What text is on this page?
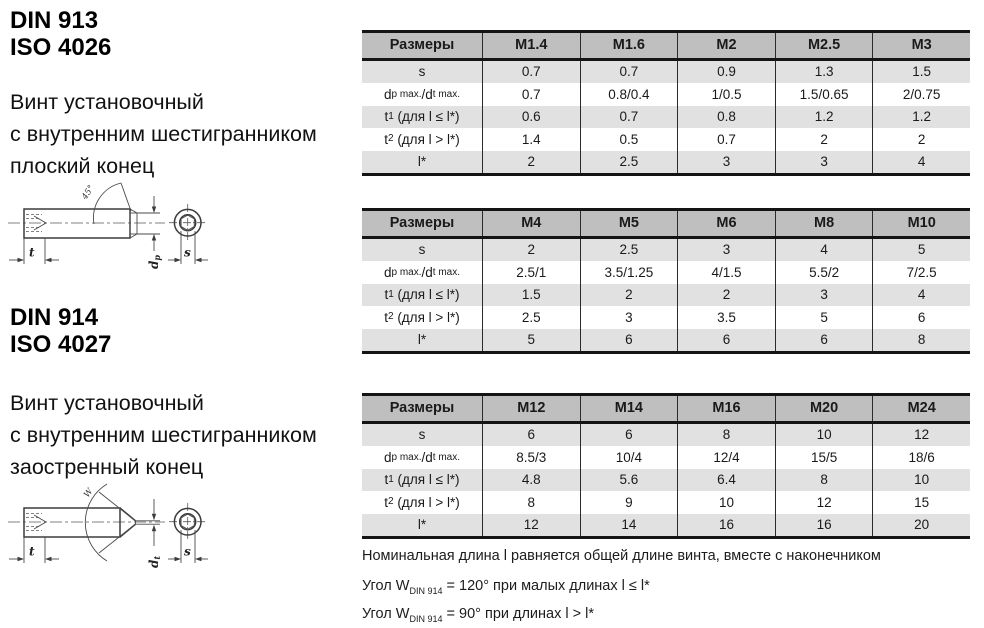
DIN 913
ISO 4026
Винт установочный
с внутренним шестигранником
плоский конец
45°
t
dp s
DIN 914
ISO 4027
Винт установочный
с внутренним шестигранником
заостренный конец
W
t
dt s
Размеры	M1.4	M1.6	M2	M2.5	M3
s	0.7	0.7	0.9	1.3	1.5
d p max. /d t max.	0.7	0.8/0.4	1/0.5	1.5/0.65	2/0.75
t 1 (для l ≤ l*)	0.6	0.7	0.8	1.2	1.2
t 2 (для l > l*)	1.4	0.5	0.7	2	2
l*	2	2.5	3	3	4
Размеры	M4	M5	M6	M8	M10
s	2	2.5	3	4	5
d p max. /d t max.	2.5/1	3.5/1.25	4/1.5	5.5/2	7/2.5
t 1 (для l ≤ l*)	1.5	2	2	3	4
t 2 (для l > l*)	2.5	3	3.5	5	6
l*	5	6	6	6	8
Размеры	M12	M14	M16	M20	M24
s	6	6	8	10	12
d p max. /d t max.	8.5/3	10/4	12/4	15/5	18/6
t 1 (для l ≤ l*)	4.8	5.6	6.4	8	10
t 2 (для l > l*)	8	9	10	12	15
l*	12	14	16	16	20
Номинальная длина l равняется общей длине винта, вместе с наконечником
Угол $W_{DIN 914} = 120^\circ$ при малых длинах l ≤ l*
Угол $W_{DIN 914} = 90^\circ$ при длинах l > l*
